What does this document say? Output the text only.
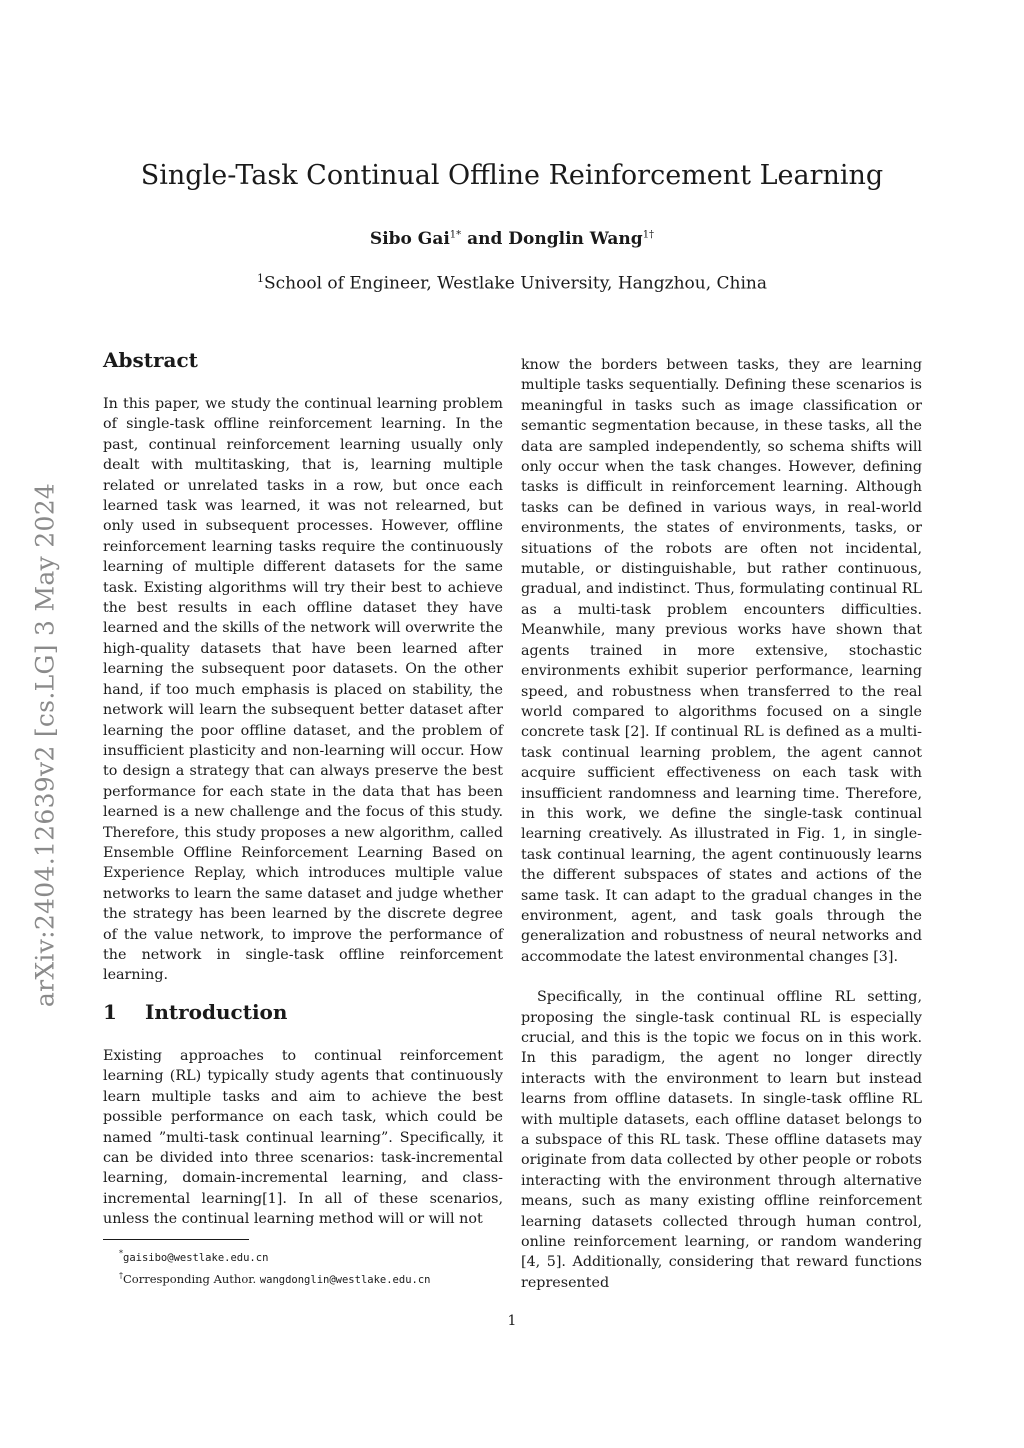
arXiv:2404.12639v2 [cs.LG] 3 May 2024
Single-Task Continual Offline Reinforcement Learning
Sibo Gai$^{1*}$ and Donglin Wang$^{1\dagger}$
$^1$School of Engineer, Westlake University, Hangzhou, China
Abstract

In this paper, we study the continual learning problem of single-task offline reinforcement learning. In the past, continual reinforcement learning usually only dealt with multitasking, that is, learning multiple related or unrelated tasks in a row, but once each learned task was learned, it was not relearned, but only used in subsequent processes. However, offline reinforcement learning tasks require the continuously learning of multiple different datasets for the same task. Existing algorithms will try their best to achieve the best results in each offline dataset they have learned and the skills of the network will overwrite the high-quality datasets that have been learned after learning the subsequent poor datasets. On the other hand, if too much emphasis is placed on stability, the network will learn the subsequent better dataset after learning the poor offline dataset, and the problem of insufficient plasticity and non-learning will occur. How to design a strategy that can always preserve the best performance for each state in the data that has been learned is a new challenge and the focus of this study. Therefore, this study proposes a new algorithm, called Ensemble Offline Reinforcement Learning Based on Experience Replay, which introduces multiple value networks to learn the same dataset and judge whether the strategy has been learned by the discrete degree of the value network, to improve the performance of the network in single-task offline reinforcement learning.

1 Introduction

Existing approaches to continual reinforcement learning (RL) typically study agents that continuously learn multiple tasks and aim to achieve the best possible performance on each task, which could be named ”multi-task continual learning”. Specifically, it can be divided into three scenarios: task-incremental learning, domain-incremental learning, and class-incremental learning[1]. In all of these scenarios, unless the continual learning method will or will not

know the borders between tasks, they are learning multiple tasks sequentially. Defining these scenarios is meaningful in tasks such as image classification or semantic segmentation because, in these tasks, all the data are sampled independently, so schema shifts will only occur when the task changes. However, defining tasks is difficult in reinforcement learning. Although tasks can be defined in various ways, in real-world environments, the states of environments, tasks, or situations of the robots are often not incidental, mutable, or distinguishable, but rather continuous, gradual, and indistinct. Thus, formulating continual RL as a multi-task problem encounters difficulties. Meanwhile, many previous works have shown that agents trained in more extensive, stochastic environments exhibit superior performance, learning speed, and robustness when transferred to the real world compared to algorithms focused on a single concrete task [2]. If continual RL is defined as a multi-task continual learning problem, the agent cannot acquire sufficient effectiveness on each task with insufficient randomness and learning time. Therefore, in this work, we define the single-task continual learning creatively. As illustrated in Fig. 1, in single-task continual learning, the agent continuously learns the different subspaces of states and actions of the same task. It can adapt to the gradual changes in the environment, agent, and task goals through the generalization and robustness of neural networks and accommodate the latest environmental changes [3].

Specifically, in the continual offline RL setting, proposing the single-task continual RL is especially crucial, and this is the topic we focus on in this work. In this paradigm, the agent no longer directly interacts with the environment to learn but instead learns from offline datasets. In single-task offline RL with multiple datasets, each offline dataset belongs to a subspace of this RL task. These offline datasets may originate from data collected by other people or robots interacting with the environment through alternative means, such as many existing offline reinforcement learning datasets collected through human control, online reinforcement learning, or random wandering [4, 5]. Additionally, considering that reward functions represented

*gaisibo@westlake.edu.cn

†Corresponding Author. wangdonglin@westlake.edu.cn

1
